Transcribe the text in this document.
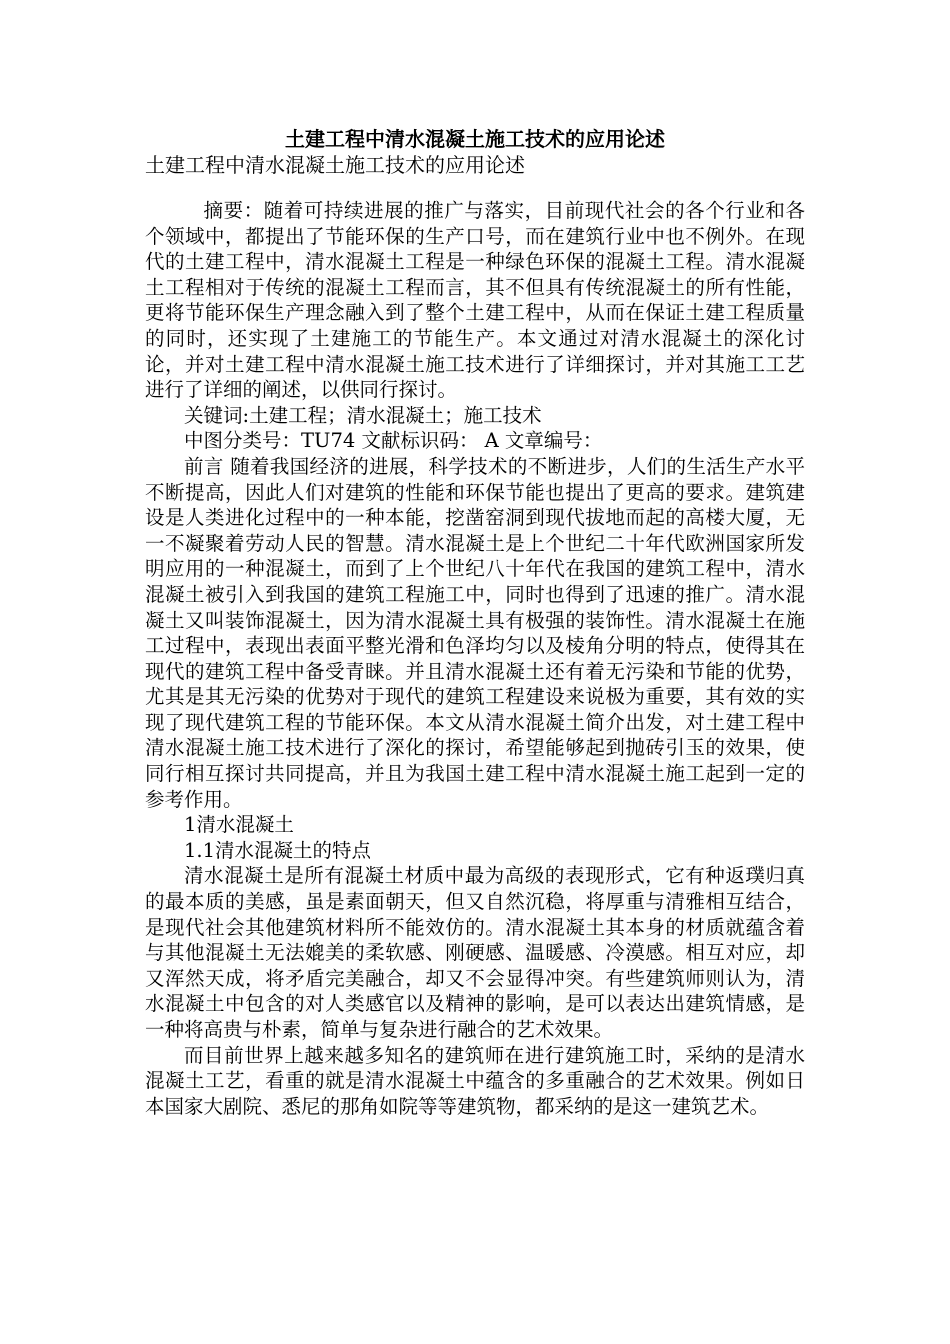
土建工程中清水混凝土施工技术的应用论述
土建工程中清水混凝土施工技术的应用论述

摘要：随着可持续进展的推广与落实，目前现代社会的各个行业和各个领域中，都提出了节能环保的生产口号，而在建筑行业中也不例外。在现代的土建工程中，清水混凝土工程是一种绿色环保的混凝土工程。清水混凝土工程相对于传统的混凝土工程而言，其不但具有传统混凝土的所有性能，更将节能环保生产理念融入到了整个土建工程中，从而在保证土建工程质量的同时，还实现了土建施工的节能生产。本文通过对清水混凝土的深化讨论，并对土建工程中清水混凝土施工技术进行了详细探讨，并对其施工工艺进行了详细的阐述，以供同行探讨。

关键词:土建工程；清水混凝土；施工技术

中图分类号：TU74 文献标识码： A 文章编号：

前言 随着我国经济的进展，科学技术的不断进步，人们的生活生产水平不断提高，因此人们对建筑的性能和环保节能也提出了更高的要求。建筑建设是人类进化过程中的一种本能，挖凿窑洞到现代拔地而起的高楼大厦，无一不凝聚着劳动人民的智慧。清水混凝土是上个世纪二十年代欧洲国家所发明应用的一种混凝土，而到了上个世纪八十年代在我国的建筑工程中，清水混凝土被引入到我国的建筑工程施工中，同时也得到了迅速的推广。清水混凝土又叫装饰混凝土，因为清水混凝土具有极强的装饰性。清水混凝土在施工过程中，表现出表面平整光滑和色泽均匀以及棱角分明的特点，使得其在现代的建筑工程中备受青睐。并且清水混凝土还有着无污染和节能的优势，尤其是其无污染的优势对于现代的建筑工程建设来说极为重要，其有效的实现了现代建筑工程的节能环保。本文从清水混凝土简介出发，对土建工程中清水混凝土施工技术进行了深化的探讨，希望能够起到抛砖引玉的效果，使同行相互探讨共同提高，并且为我国土建工程中清水混凝土施工起到一定的参考作用。

1清水混凝土

1.1清水混凝土的特点

清水混凝土是所有混凝土材质中最为高级的表现形式，它有种返璞归真的最本质的美感，虽是素面朝天，但又自然沉稳，将厚重与清雅相互结合，是现代社会其他建筑材料所不能效仿的。清水混凝土其本身的材质就蕴含着与其他混凝土无法媲美的柔软感、刚硬感、温暖感、冷漠感。相互对应，却又浑然天成，将矛盾完美融合，却又不会显得冲突。有些建筑师则认为，清水混凝土中包含的对人类感官以及精神的影响，是可以表达出建筑情感，是一种将高贵与朴素，简单与复杂进行融合的艺术效果。

而目前世界上越来越多知名的建筑师在进行建筑施工时，采纳的是清水混凝土工艺，看重的就是清水混凝土中蕴含的多重融合的艺术效果。例如日本国家大剧院、悉尼的那角如院等等建筑物，都采纳的是这一建筑艺术。
